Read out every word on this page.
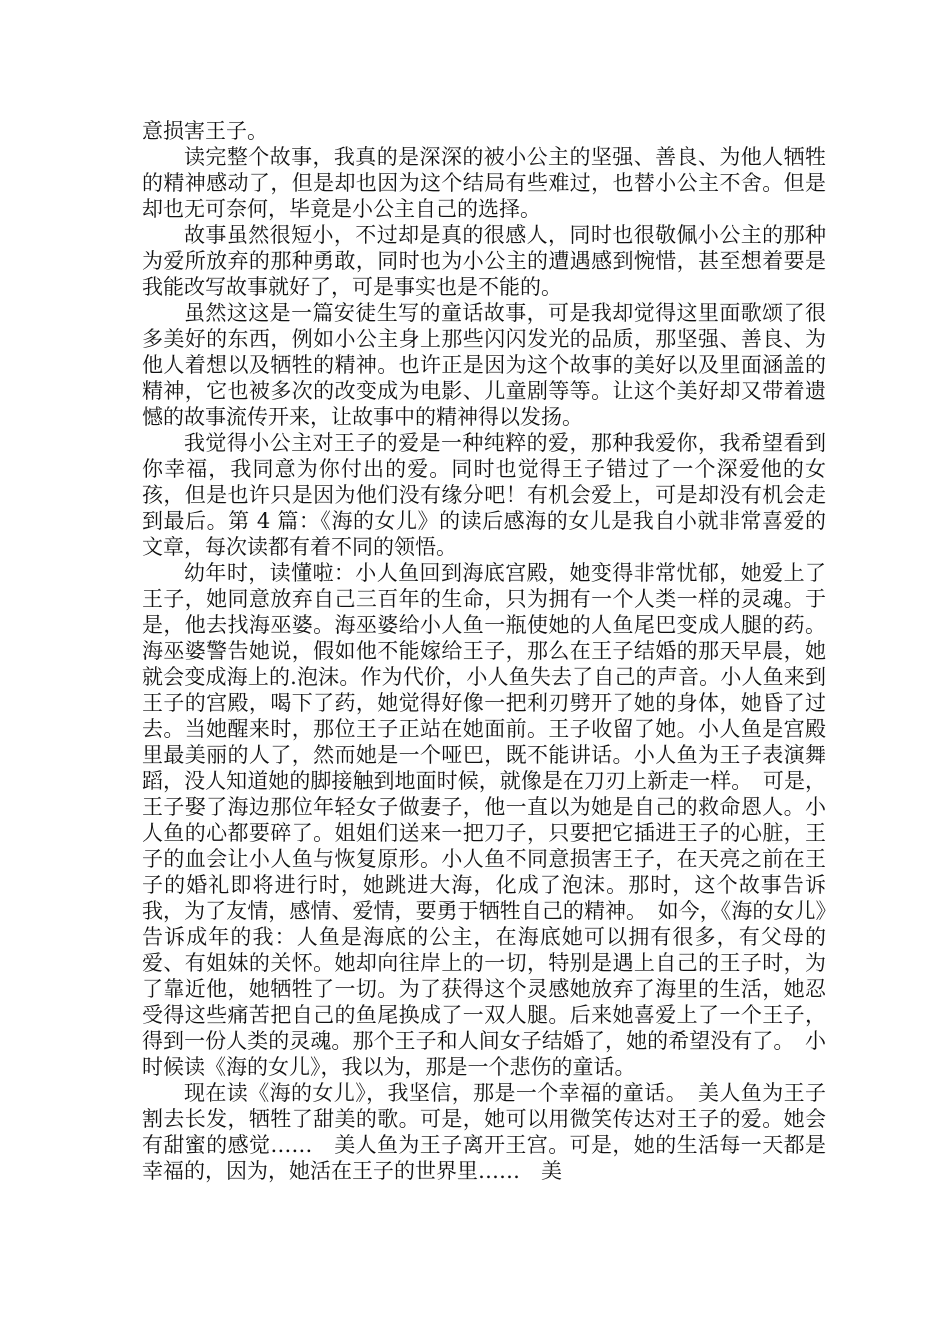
意损害王子。

读完整个故事，我真的是深深的被小公主的坚强、善良、为他人牺牲的精神感动了，但是却也因为这个结局有些难过，也替小公主不舍。但是却也无可奈何，毕竟是小公主自己的选择。

故事虽然很短小，不过却是真的很感人，同时也很敬佩小公主的那种为爱所放弃的那种勇敢，同时也为小公主的遭遇感到惋惜，甚至想着要是我能改写故事就好了，可是事实也是不能的。

虽然这这是一篇安徒生写的童话故事，可是我却觉得这里面歌颂了很多美好的东西，例如小公主身上那些闪闪发光的品质，那坚强、善良、为他人着想以及牺牲的精神。也许正是因为这个故事的美好以及里面涵盖的精神，它也被多次的改变成为电影、儿童剧等等。让这个美好却又带着遗憾的故事流传开来，让故事中的精神得以发扬。

我觉得小公主对王子的爱是一种纯粹的爱，那种我爱你，我希望看到你幸福，我同意为你付出的爱。同时也觉得王子错过了一个深爱他的女孩，但是也许只是因为他们没有缘分吧！有机会爱上，可是却没有机会走到最后。第 4 篇：《海的女儿》的读后感海的女儿是我自小就非常喜爱的文章，每次读都有着不同的领悟。

幼年时，读懂啦：小人鱼回到海底宫殿，她变得非常忧郁，她爱上了王子，她同意放弃自己三百年的生命，只为拥有一个人类一样的灵魂。于是，他去找海巫婆。海巫婆给小人鱼一瓶使她的人鱼尾巴变成人腿的药。海巫婆警告她说，假如他不能嫁给王子，那么在王子结婚的那天早晨，她就会变成海上的.泡沫。作为代价，小人鱼失去了自己的声音。小人鱼来到王子的宫殿，喝下了药，她觉得好像一把利刃劈开了她的身体，她昏了过去。当她醒来时，那位王子正站在她面前。王子收留了她。小人鱼是宫殿里最美丽的人了，然而她是一个哑巴，既不能讲话。小人鱼为王子表演舞蹈，没人知道她的脚接触到地面时候，就像是在刀刃上新走一样。　可是，王子娶了海边那位年轻女子做妻子，他一直以为她是自己的救命恩人。小人鱼的心都要碎了。姐姐们送来一把刀子，只要把它插进王子的心脏，王子的血会让小人鱼与恢复原形。小人鱼不同意损害王子，在天亮之前在王子的婚礼即将进行时，她跳进大海，化成了泡沫。那时，这个故事告诉我，为了友情，感情、爱情，要勇于牺牲自己的精神。　如今，《海的女儿》告诉成年的我：人鱼是海底的公主，在海底她可以拥有很多，有父母的爱、有姐妹的关怀。她却向往岸上的一切，特别是遇上自己的王子时，为了靠近他，她牺牲了一切。为了获得这个灵感她放弃了海里的生活，她忍受得这些痛苦把自己的鱼尾换成了一双人腿。后来她喜爱上了一个王子，得到一份人类的灵魂。那个王子和人间女子结婚了，她的希望没有了。　小时候读《海的女儿》，我以为，那是一个悲伤的童话。

现在读《海的女儿》，我坚信，那是一个幸福的童话。　美人鱼为王子割去长发，牺牲了甜美的歌。可是，她可以用微笑传达对王子的爱。她会有甜蜜的感觉……　美人鱼为王子离开王宫。可是，她的生活每一天都是幸福的，因为，她活在王子的世界里……　美
